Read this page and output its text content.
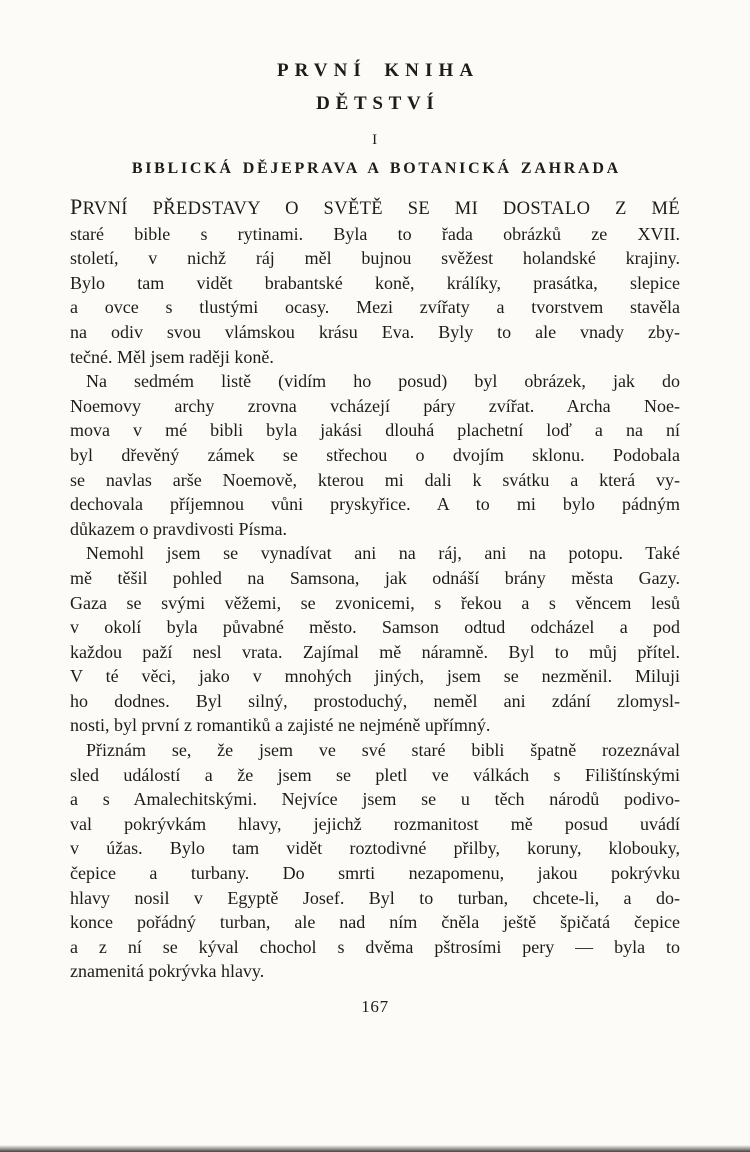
PRVNÍ KNIHA
DĚTSTVÍ
I
BIBLICKÁ DĚJEPRAVA A BOTANICKÁ ZAHRADA

PRVNÍ PŘEDSTAVY O SVĚTĚ SE MI DOSTALO Z MÉ
staré bible s rytinami. Byla to řada obrázků ze XVII.
století, v nichž ráj měl bujnou svěžest holandské krajiny.
Bylo tam vidět brabantské koně, králíky, prasátka, slepice
a ovce s tlustými ocasy. Mezi zvířaty a tvorstvem stavěla
na odiv svou vlámskou krásu Eva. Byly to ale vnady zby-
tečné. Měl jsem raději koně.

Na sedmém listě (vidím ho posud) byl obrázek, jak do
Noemovy archy zrovna vcházejí páry zvířat. Archa Noe-
mova v mé bibli byla jakási dlouhá plachetní loď a na ní
byl dřevěný zámek se střechou o dvojím sklonu. Podobala
se navlas arše Noemově, kterou mi dali k svátku a která vy-
dechovala příjemnou vůni pryskyřice. A to mi bylo pádným
důkazem o pravdivosti Písma.

Nemohl jsem se vynadívat ani na ráj, ani na potopu. Také
mě těšil pohled na Samsona, jak odnáší brány města Gazy.
Gaza se svými věžemi, se zvonicemi, s řekou a s věncem lesů
v okolí byla půvabné město. Samson odtud odcházel a pod
každou paží nesl vrata. Zajímal mě náramně. Byl to můj přítel.
V té věci, jako v mnohých jiných, jsem se nezměnil. Miluji
ho dodnes. Byl silný, prostoduchý, neměl ani zdání zlomysl-
nosti, byl první z romantiků a zajisté ne nejméně upřímný.

Přiznám se, že jsem ve své staré bibli špatně rozeznával
sled událostí a že jsem se pletl ve válkách s Filištínskými
a s Amalechitskými. Nejvíce jsem se u těch národů podivo-
val pokrývkám hlavy, jejichž rozmanitost mě posud uvádí
v úžas. Bylo tam vidět roztodivné přilby, koruny, klobouky,
čepice a turbany. Do smrti nezapomenu, jakou pokrývku
hlavy nosil v Egyptě Josef. Byl to turban, chcete-li, a do-
konce pořádný turban, ale nad ním čněla ještě špičatá čepice
a z ní se kýval chochol s dvěma pštrosími pery — byla to
znamenitá pokrývka hlavy.

167
